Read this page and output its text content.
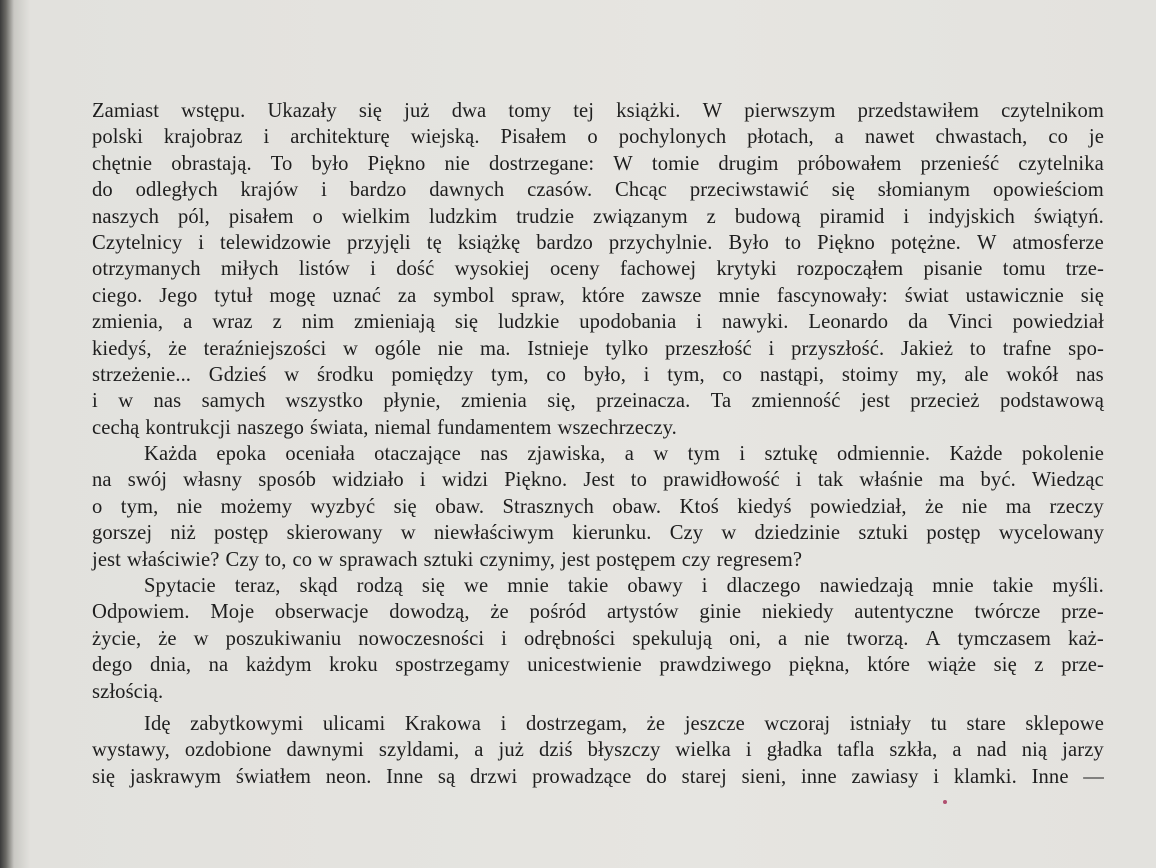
Zamiast wstępu. Ukazały się już dwa tomy tej książki. W pierwszym przedstawiłem czytelnikom
polski krajobraz i architekturę wiejską. Pisałem o pochylonych płotach, a nawet chwastach, co je
chętnie obrastają. To było Piękno nie dostrzegane: W tomie drugim próbowałem przenieść czytelnika
do odległych krajów i bardzo dawnych czasów. Chcąc przeciwstawić się słomianym opowieściom
naszych pól, pisałem o wielkim ludzkim trudzie związanym z budową piramid i indyjskich świątyń.
Czytelnicy i telewidzowie przyjęli tę książkę bardzo przychylnie. Było to Piękno potężne. W atmosferze
otrzymanych miłych listów i dość wysokiej oceny fachowej krytyki rozpocząłem pisanie tomu trze-
ciego. Jego tytuł mogę uznać za symbol spraw, które zawsze mnie fascynowały: świat ustawicznie się
zmienia, a wraz z nim zmieniają się ludzkie upodobania i nawyki. Leonardo da Vinci powiedział
kiedyś, że teraźniejszości w ogóle nie ma. Istnieje tylko przeszłość i przyszłość. Jakież to trafne spo-
strzeżenie... Gdzieś w środku pomiędzy tym, co było, i tym, co nastąpi, stoimy my, ale wokół nas
i w nas samych wszystko płynie, zmienia się, przeinacza. Ta zmienność jest przecież podstawową
cechą kontrukcji naszego świata, niemal fundamentem wszechrzeczy.
Każda epoka oceniała otaczające nas zjawiska, a w tym i sztukę odmiennie. Każde pokolenie
na swój własny sposób widziało i widzi Piękno. Jest to prawidłowość i tak właśnie ma być. Wiedząc
o tym, nie możemy wyzbyć się obaw. Strasznych obaw. Ktoś kiedyś powiedział, że nie ma rzeczy
gorszej niż postęp skierowany w niewłaściwym kierunku. Czy w dziedzinie sztuki postęp wycelowany
jest właściwie? Czy to, co w sprawach sztuki czynimy, jest postępem czy regresem?
Spytacie teraz, skąd rodzą się we mnie takie obawy i dlaczego nawiedzają mnie takie myśli.
Odpowiem. Moje obserwacje dowodzą, że pośród artystów ginie niekiedy autentyczne twórcze prze-
życie, że w poszukiwaniu nowoczesności i odrębności spekulują oni, a nie tworzą. A tymczasem każ-
dego dnia, na każdym kroku spostrzegamy unicestwienie prawdziwego piękna, które wiąże się z prze-
szłością.
Idę zabytkowymi ulicami Krakowa i dostrzegam, że jeszcze wczoraj istniały tu stare sklepowe
wystawy, ozdobione dawnymi szyldami, a już dziś błyszczy wielka i gładka tafla szkła, a nad nią jarzy
się jaskrawym światłem neon. Inne są drzwi prowadzące do starej sieni, inne zawiasy i klamki. Inne —
